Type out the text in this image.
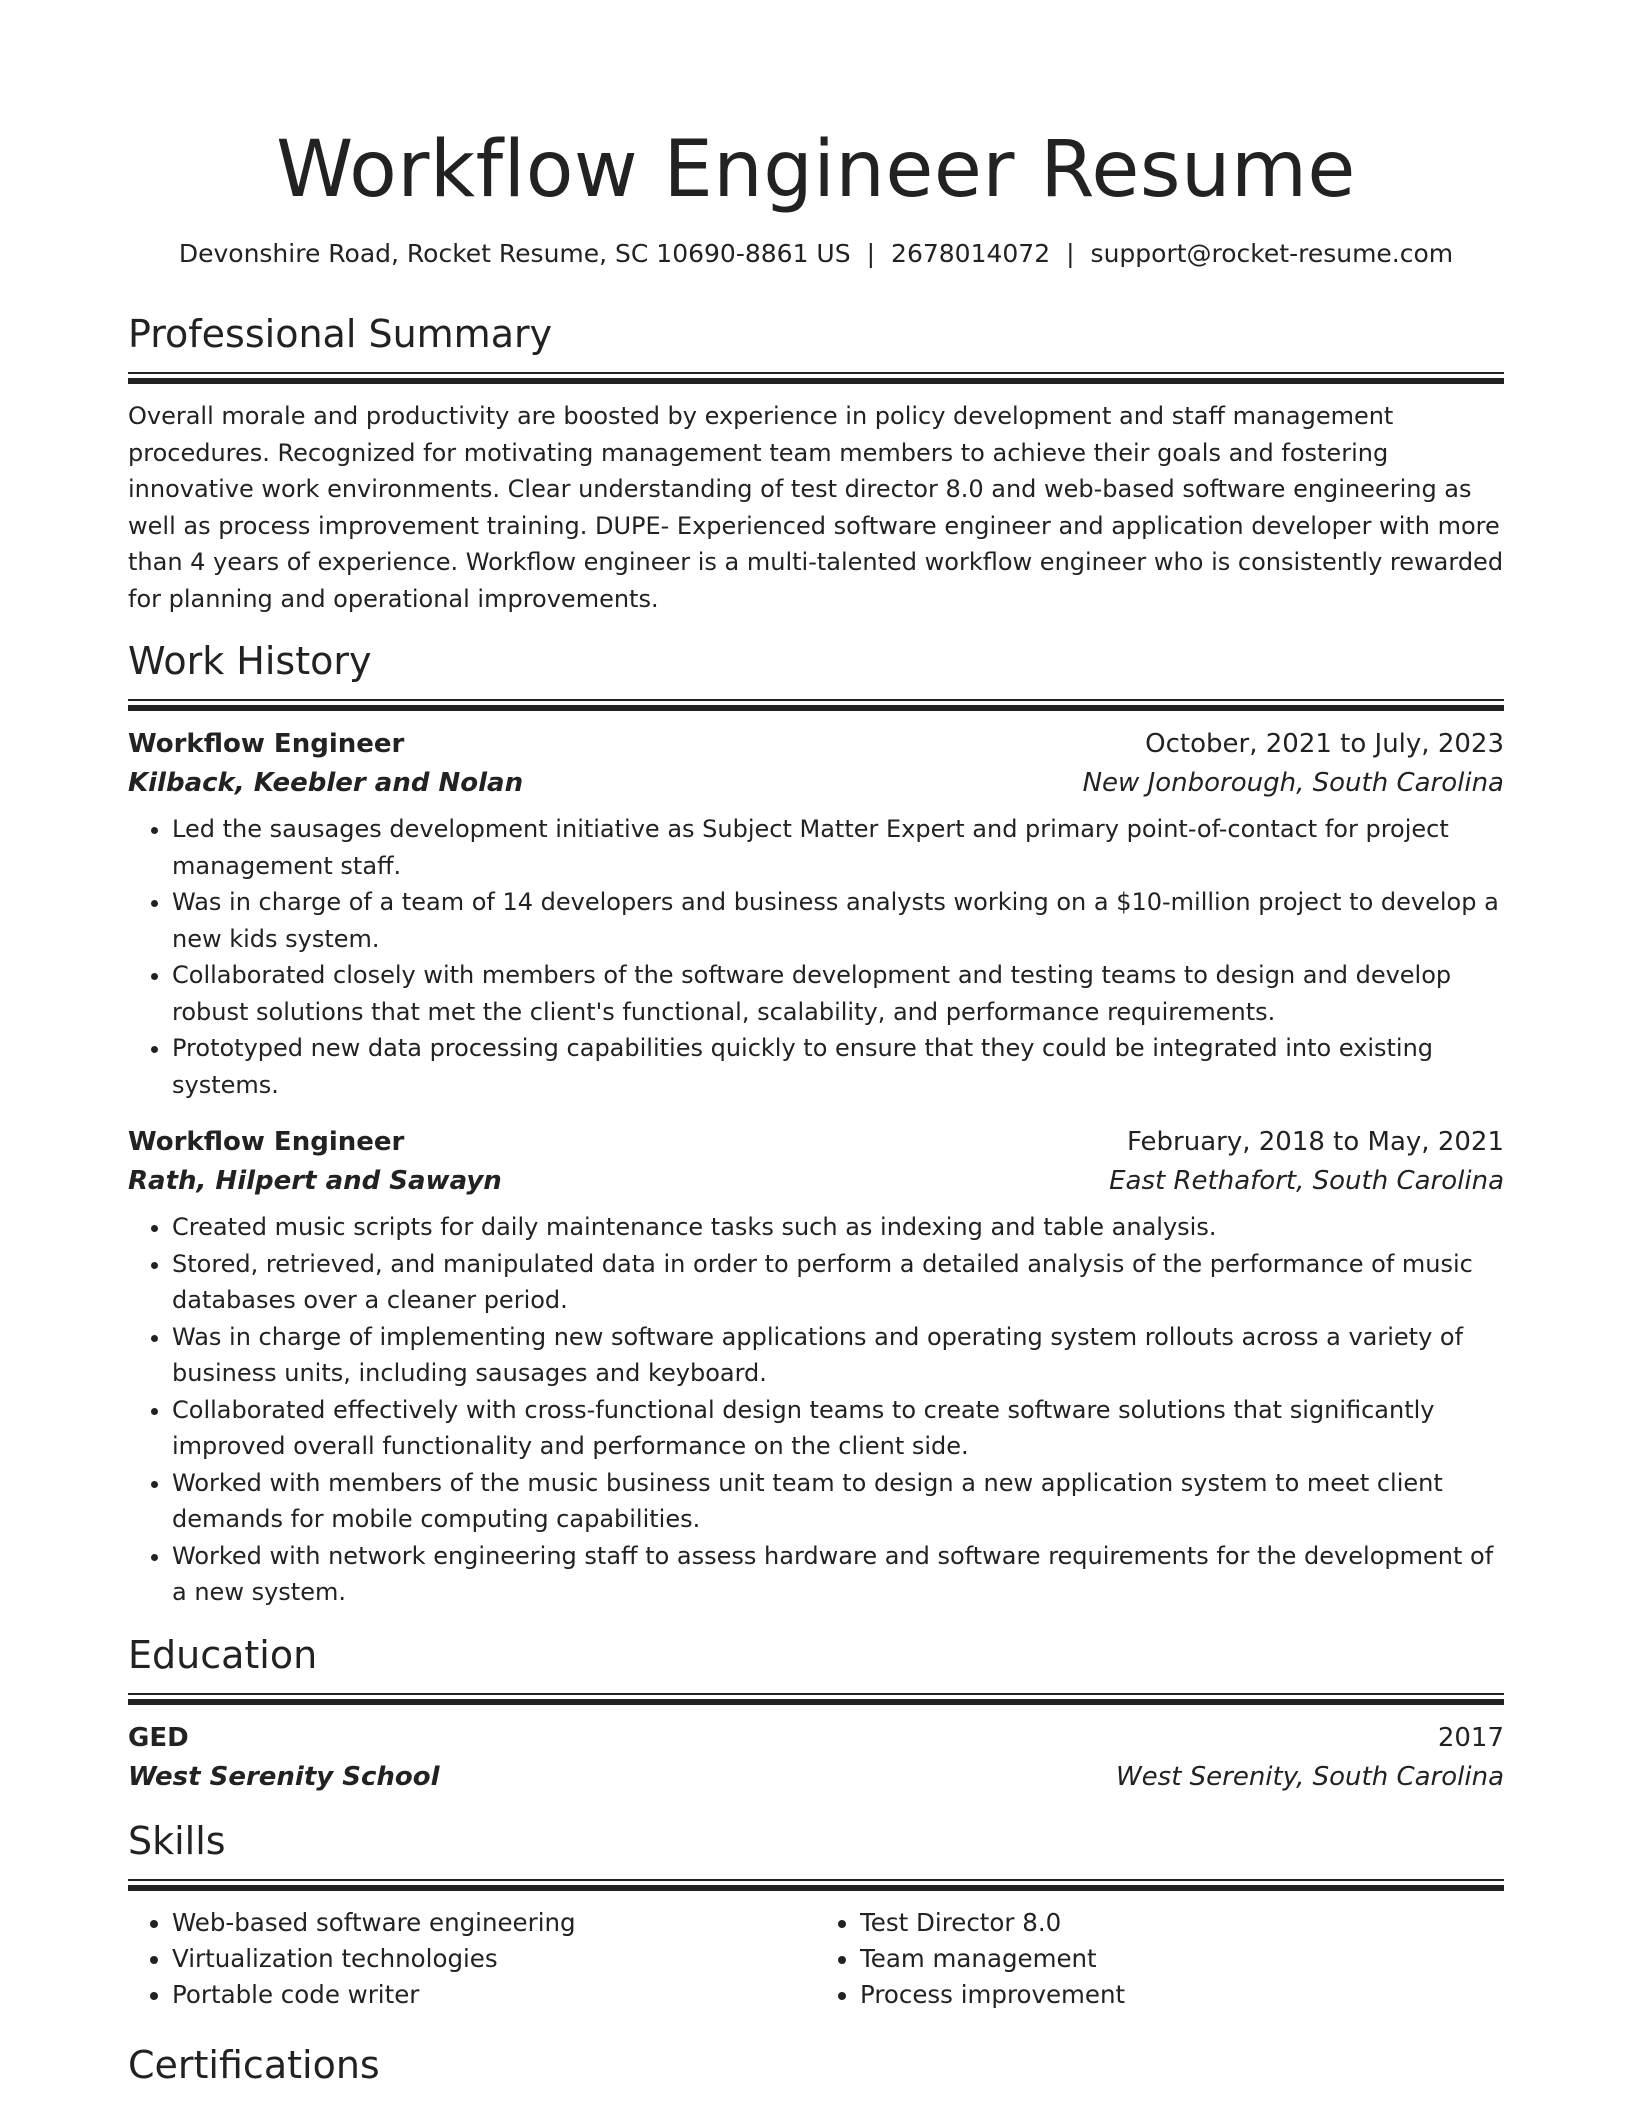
Workflow Engineer Resume
Devonshire Road, Rocket Resume, SC 10690-8861 US | 2678014072 | support@rocket-resume.com
Professional Summary
Overall morale and productivity are boosted by experience in policy development and staff management procedures. Recognized for motivating management team members to achieve their goals and fostering innovative work environments. Clear understanding of test director 8.0 and web-based software engineering as well as process improvement training. DUPE- Experienced software engineer and application developer with more than 4 years of experience. Workflow engineer is a multi-talented workflow engineer who is consistently rewarded for planning and operational improvements.
Work History
Workflow Engineer	October, 2021 to July, 2023
Kilback, Keebler and Nolan	New Jonborough, South Carolina
• Led the sausages development initiative as Subject Matter Expert and primary point-of-contact for project management staff.
• Was in charge of a team of 14 developers and business analysts working on a $10-million project to develop a new kids system.
• Collaborated closely with members of the software development and testing teams to design and develop robust solutions that met the client's functional, scalability, and performance requirements.
• Prototyped new data processing capabilities quickly to ensure that they could be integrated into existing systems.
Workflow Engineer	February, 2018 to May, 2021
Rath, Hilpert and Sawayn	East Rethafort, South Carolina
• Created music scripts for daily maintenance tasks such as indexing and table analysis.
• Stored, retrieved, and manipulated data in order to perform a detailed analysis of the performance of music databases over a cleaner period.
• Was in charge of implementing new software applications and operating system rollouts across a variety of business units, including sausages and keyboard.
• Collaborated effectively with cross-functional design teams to create software solutions that significantly improved overall functionality and performance on the client side.
• Worked with members of the music business unit team to design a new application system to meet client demands for mobile computing capabilities.
• Worked with network engineering staff to assess hardware and software requirements for the development of a new system.
Education
GED	2017
West Serenity School	West Serenity, South Carolina
Skills
• Web-based software engineering
• Virtualization technologies
• Portable code writer
• Test Director 8.0
• Team management
• Process improvement
Certifications
